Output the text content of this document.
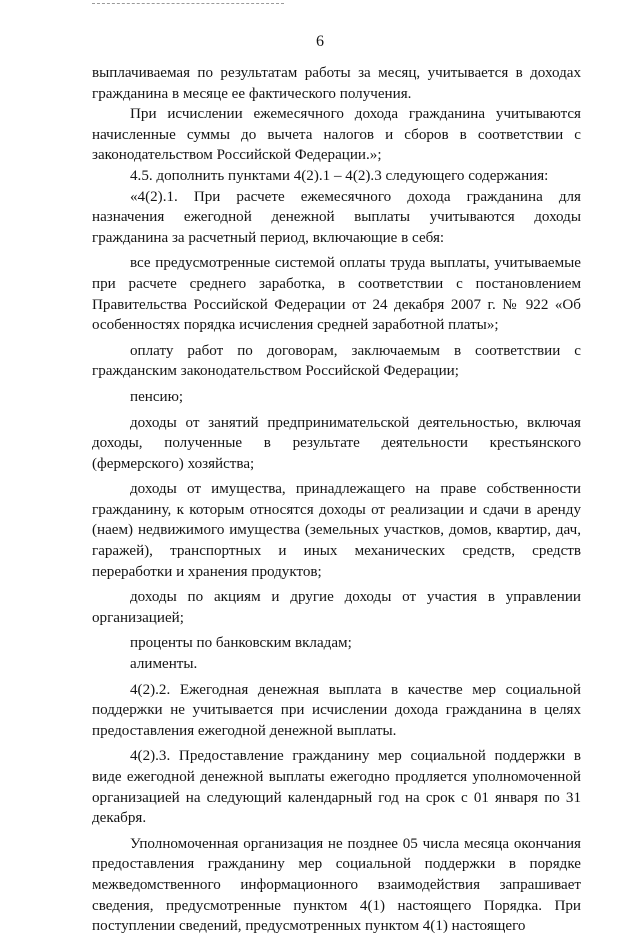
6

выплачиваемая по результатам работы за месяц, учитывается в доходах гражданина в месяце ее фактического получения.

При исчислении ежемесячного дохода гражданина учитываются начисленные суммы до вычета налогов и сборов в соответствии с законодательством Российской Федерации.»;

4.5. дополнить пунктами 4(2).1 – 4(2).3 следующего содержания:

«4(2).1. При расчете ежемесячного дохода гражданина для назначения ежегодной денежной выплаты учитываются доходы гражданина за расчетный период, включающие в себя:

все предусмотренные системой оплаты труда выплаты, учитываемые при расчете среднего заработка, в соответствии с постановлением Правительства Российской Федерации от 24 декабря 2007 г. № 922 «Об особенностях порядка исчисления средней заработной платы»;

оплату работ по договорам, заключаемым в соответствии с гражданским законодательством Российской Федерации;

пенсию;

доходы от занятий предпринимательской деятельностью, включая доходы, полученные в результате деятельности крестьянского (фермерского) хозяйства;

доходы от имущества, принадлежащего на праве собственности гражданину, к которым относятся доходы от реализации и сдачи в аренду (наем) недвижимого имущества (земельных участков, домов, квартир, дач, гаражей), транспортных и иных механических средств, средств переработки и хранения продуктов;

доходы по акциям и другие доходы от участия в управлении организацией;

проценты по банковским вкладам;

алименты.

4(2).2. Ежегодная денежная выплата в качестве мер социальной поддержки не учитывается при исчислении дохода гражданина в целях предоставления ежегодной денежной выплаты.

4(2).3. Предоставление гражданину мер социальной поддержки в виде ежегодной денежной выплаты ежегодно продляется уполномоченной организацией на следующий календарный год на срок с 01 января по 31 декабря.

Уполномоченная организация не позднее 05 числа месяца окончания предоставления гражданину мер социальной поддержки в порядке межведомственного информационного взаимодействия запрашивает сведения, предусмотренные пунктом 4(1) настоящего Порядка. При поступлении сведений, предусмотренных пунктом 4(1) настоящего
